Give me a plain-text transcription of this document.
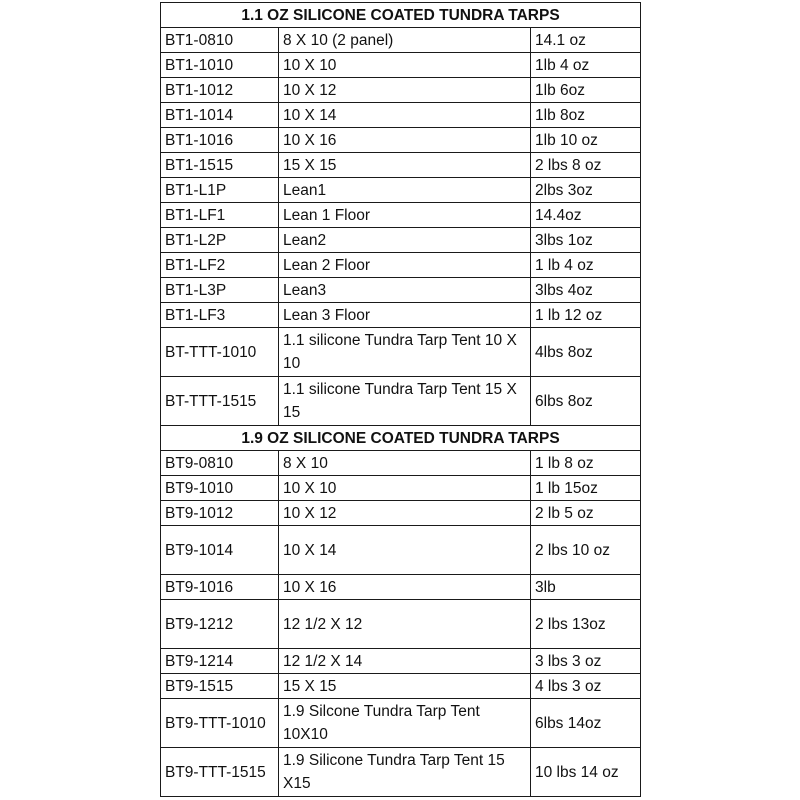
1.1 OZ SILICONE COATED TUNDRA TARPS		
BT1-0810	8 X 10 (2 panel)	14.1 oz
BT1-1010	10 X 10	1lb 4 oz
BT1-1012	10 X 12	1lb 6oz
BT1-1014	10 X 14	1lb 8oz
BT1-1016	10 X 16	1lb 10 oz
BT1-1515	15 X 15	2 lbs 8 oz
BT1-L1P	Lean1	2lbs 3oz
BT1-LF1	Lean 1 Floor	14.4oz
BT1-L2P	Lean2	3lbs 1oz
BT1-LF2	Lean 2 Floor	1 lb 4 oz
BT1-L3P	Lean3	3lbs 4oz
BT1-LF3	Lean 3 Floor	1 lb 12 oz
BT-TTT-1010	1.1 silicone Tundra Tarp Tent 10 X 10	4lbs 8oz
BT-TTT-1515	1.1 silicone Tundra Tarp Tent 15 X 15	6lbs 8oz
1.9 OZ SILICONE COATED TUNDRA TARPS		
BT9-0810	8 X 10	1 lb 8 oz
BT9-1010	10 X 10	1 lb 15oz
BT9-1012	10 X 12	2 lb 5 oz
BT9-1014	10 X 14	2 lbs 10 oz
BT9-1016	10 X 16	3lb
BT9-1212	12 1/2 X 12	2 lbs 13oz
BT9-1214	12 1/2 X 14	3 lbs 3 oz
BT9-1515	15 X 15	4 lbs 3 oz
BT9-TTT-1010	1.9 Silcone Tundra Tarp Tent 10X10	6lbs 14oz
BT9-TTT-1515	1.9 Silicone Tundra Tarp Tent 15 X15	10 lbs 14 oz
